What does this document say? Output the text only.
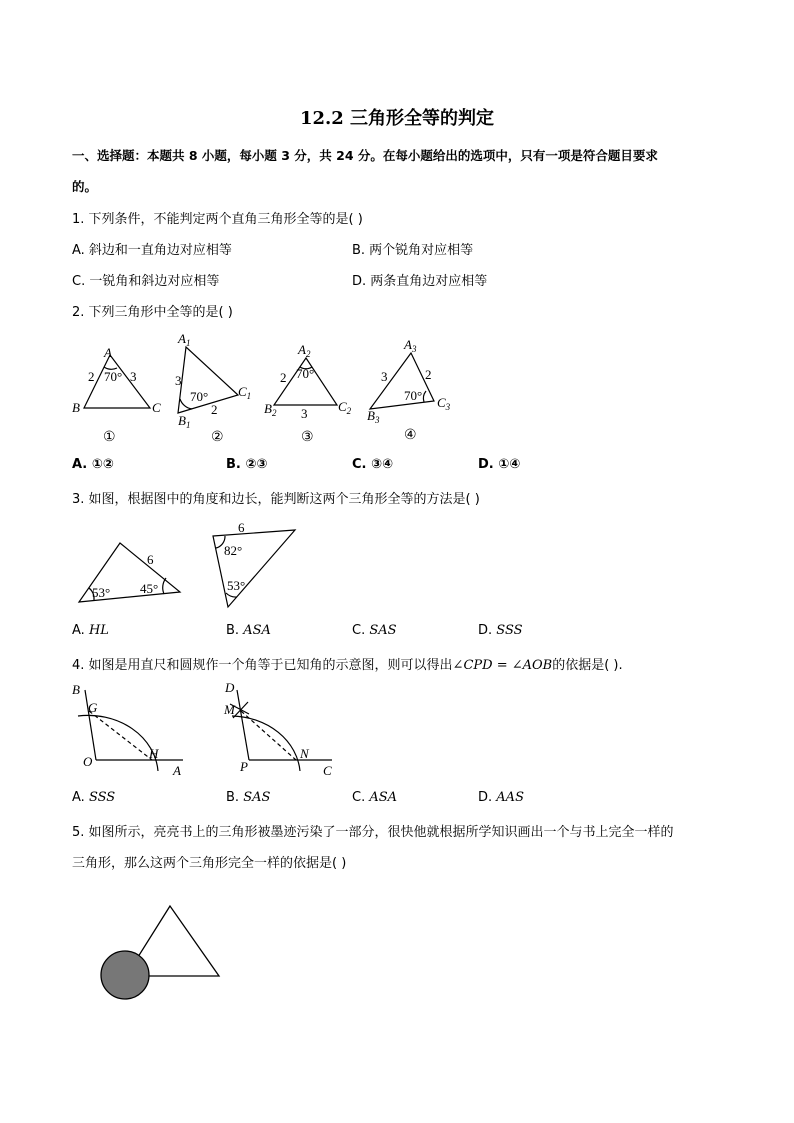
12.2 三角形全等的判定
一、选择题：本题共 8 小题，每小题 3 分，共 24 分。在每小题给出的选项中，只有一项是符合题目要求
的。
1. 下列条件，不能判定两个直角三角形全等的是( )
A. 斜边和一直角边对应相等	B. 两个锐角对应相等
C. 一锐角和斜边对应相等	D. 两条直角边对应相等
2. 下列三角形中全等的是( )
A
B	C
70°
2	3
①
$A_1$
$B_1$
$C_1$
70°
3
2
②
$A_2$
$B_2$	$C_2$
70°
2
3
③
$A_3$
$B_3$
$C_3$
70°
3	2
④
A. ①②	B. ②③	C. ③④	D. ①④
3. 如图，根据图中的角度和边长，能判断这两个三角形全等的方法是( )
6
53° 45°
6
82°
53°
A. HL	B. ASA	C. SAS	D. SSS
4. 如图是用直尺和圆规作一个角等于已知角的示意图，则可以得出∠CPD = ∠AOB的依据是( ).
B
G
O
H
A
D
M
P
N
C
A. SSS	B. SAS	C. ASA	D. AAS
5. 如图所示，亮亮书上的三角形被墨迹污染了一部分，很快他就根据所学知识画出一个与书上完全一样的
三角形，那么这两个三角形完全一样的依据是( )
